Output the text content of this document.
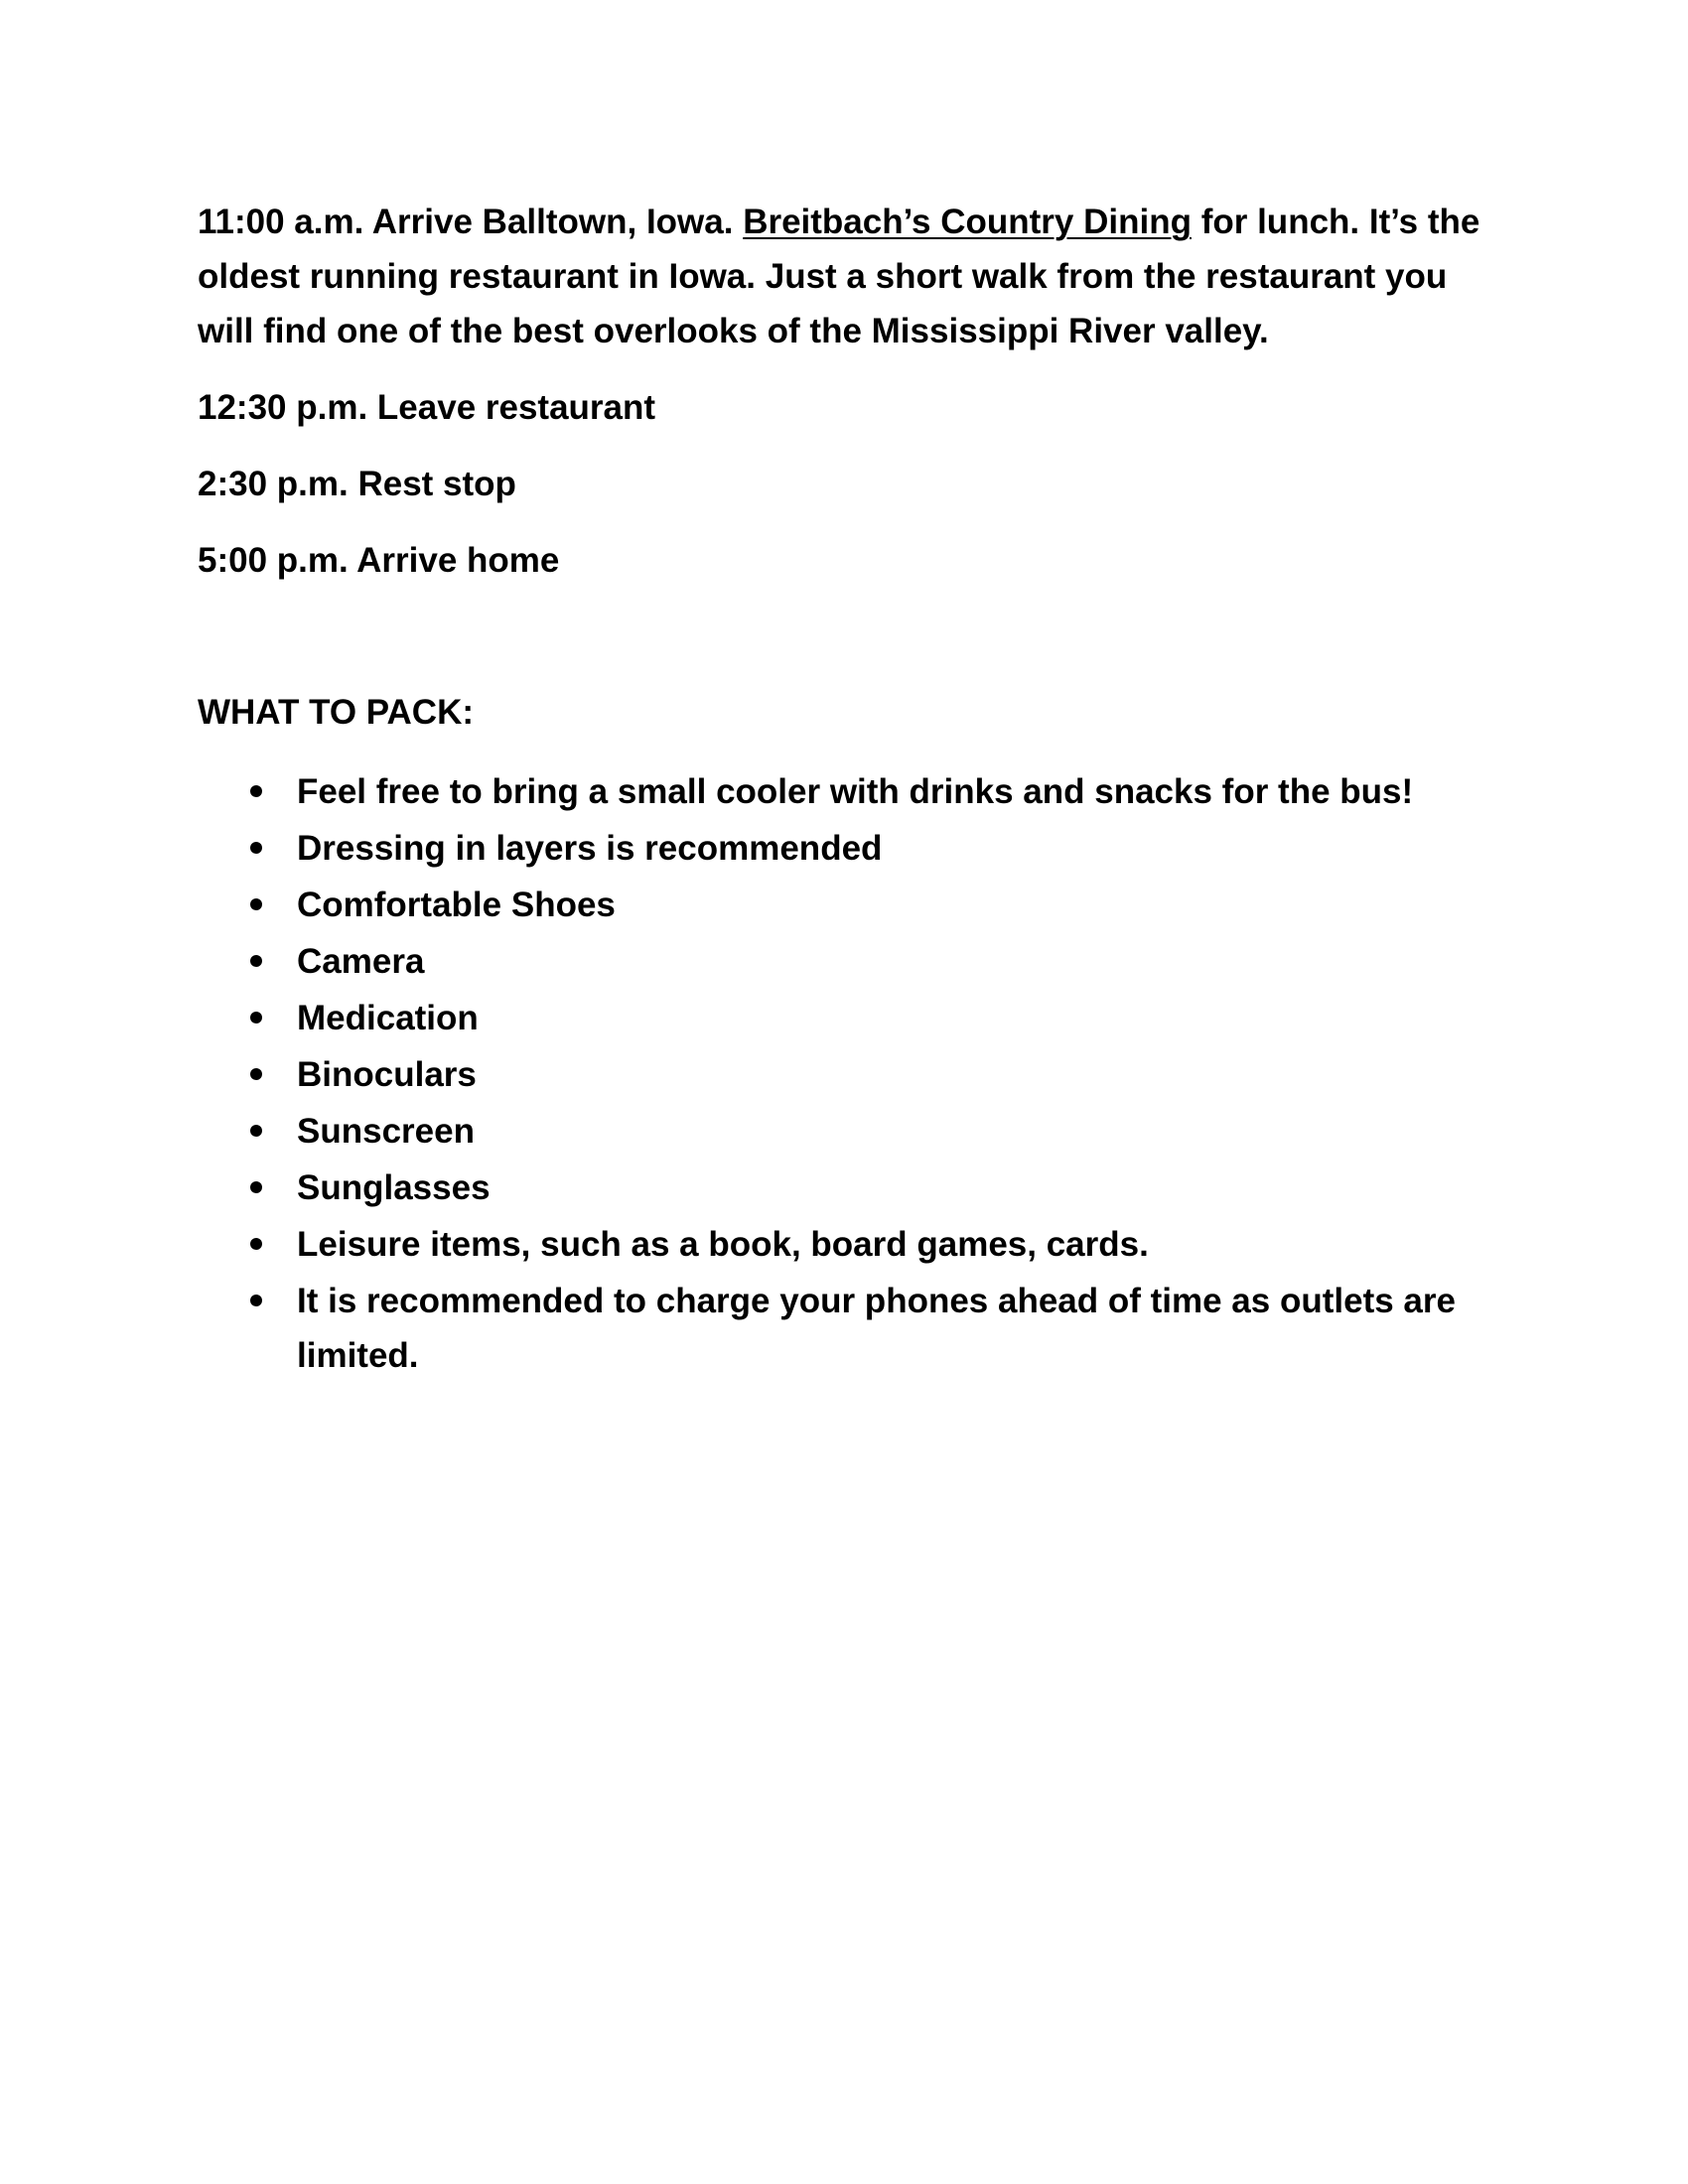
11:00 a.m. Arrive Balltown, Iowa. Breitbach’s Country Dining for lunch. It’s the oldest running restaurant in Iowa. Just a short walk from the restaurant you will find one of the best overlooks of the Mississippi River valley.

12:30 p.m. Leave restaurant

2:30 p.m. Rest stop

5:00 p.m. Arrive home

WHAT TO PACK:

Feel free to bring a small cooler with drinks and snacks for the bus!
Dressing in layers is recommended
Comfortable Shoes
Camera
Medication
Binoculars
Sunscreen
Sunglasses
Leisure items, such as a book, board games, cards.
It is recommended to charge your phones ahead of time as outlets are limited.
